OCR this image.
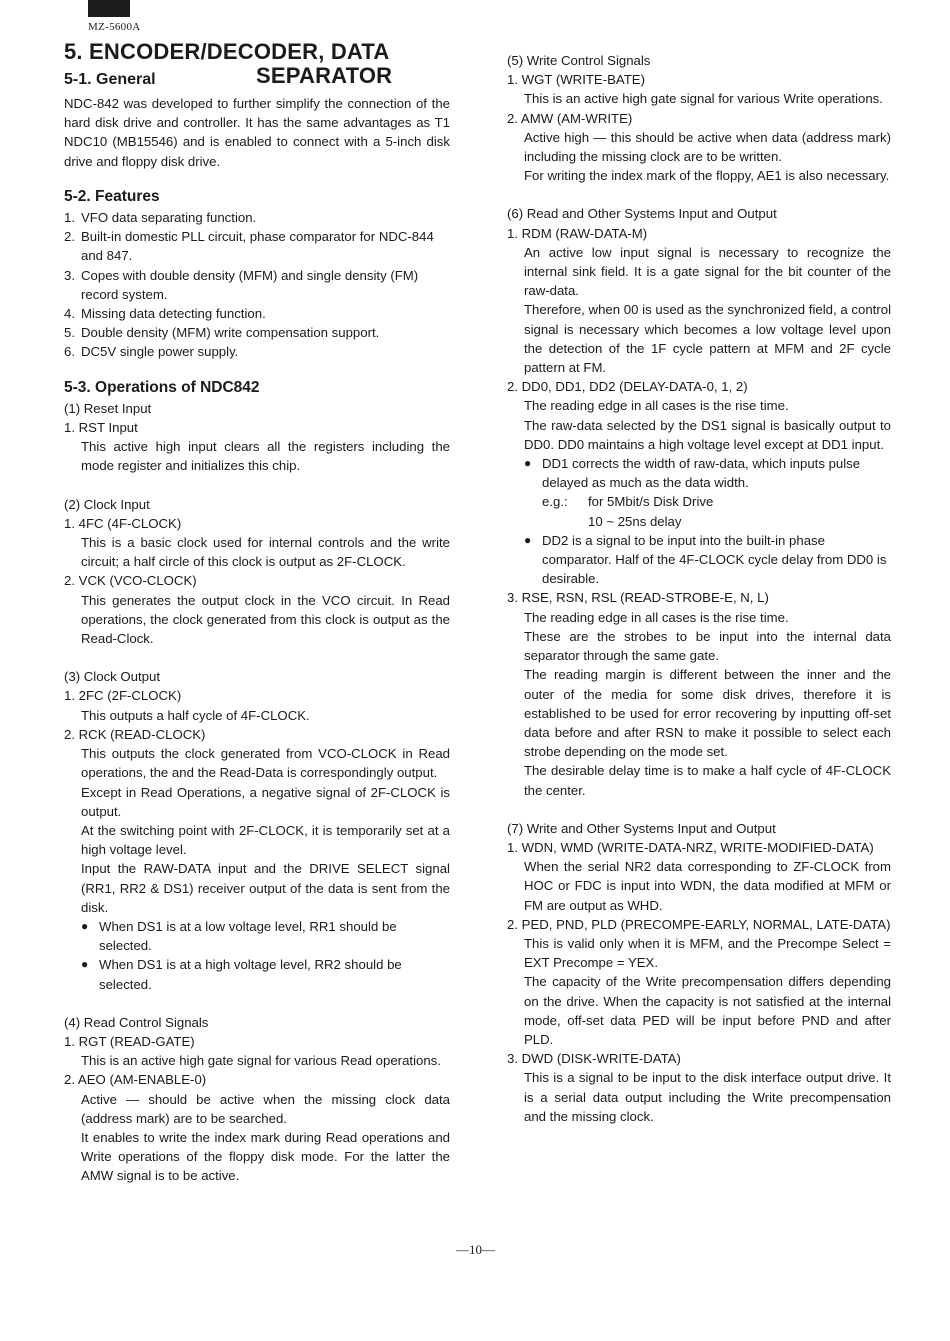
MZ-5600A
5. ENCODER/DECODER, DATA
SEPARATOR
5-1. General

NDC-842 was developed to further simplify the connection of the hard disk drive and controller. It has the same advantages as T1 NDC10 (MB15546) and is enabled to connect with a 5-inch disk drive and floppy disk drive.

5-2. Features
1. VFO data separating function.
2. Built-in domestic PLL circuit, phase comparator for NDC-844 and 847.
3. Copes with double density (MFM) and single density (FM) record system.
4. Missing data detecting function.
5. Double density (MFM) write compensation support.
6. DC5V single power supply.
5-3. Operations of NDC842
(1) Reset Input
1. RST Input

This active high input clears all the registers including the mode register and initializes this chip.

(2) Clock Input
1. 4FC (4F-CLOCK)

This is a basic clock used for internal controls and the write circuit; a half circle of this clock is output as 2F-CLOCK.

2. VCK (VCO-CLOCK)

This generates the output clock in the VCO circuit. In Read operations, the clock generated from this clock is output as the Read-Clock.

(3) Clock Output
1. 2FC (2F-CLOCK)

This outputs a half cycle of 4F-CLOCK.

2. RCK (READ-CLOCK)

This outputs the clock generated from VCO-CLOCK in Read operations, the and the Read-Data is correspondingly output.

Except in Read Operations, a negative signal of 2F-CLOCK is output.

At the switching point with 2F-CLOCK, it is temporarily set at a high voltage level.

Input the RAW-DATA input and the DRIVE SELECT signal (RR1, RR2 & DS1) receiver output of the data is sent from the disk.

● When DS1 is at a low voltage level, RR1 should be selected.
● When DS1 is at a high voltage level, RR2 should be selected.
(4) Read Control Signals
1. RGT (READ-GATE)

This is an active high gate signal for various Read operations.

2. AEO (AM-ENABLE-0)

Active — should be active when the missing clock data (address mark) are to be searched.

It enables to write the index mark during Read operations and Write operations of the floppy disk mode. For the latter the AMW signal is to be active.

(5) Write Control Signals
1. WGT (WRITE-BATE)

This is an active high gate signal for various Write operations.

2. AMW (AM-WRITE)

Active high — this should be active when data (address mark) including the missing clock are to be written.

For writing the index mark of the floppy, AE1 is also necessary.

(6) Read and Other Systems Input and Output
1. RDM (RAW-DATA-M)

An active low input signal is necessary to recognize the internal sink field. It is a gate signal for the bit counter of the raw-data.

Therefore, when 00 is used as the synchronized field, a control signal is necessary which becomes a low voltage level upon the detection of the 1F cycle pattern at MFM and 2F cycle pattern at FM.

2. DD0, DD1, DD2 (DELAY-DATA-0, 1, 2)

The reading edge in all cases is the rise time.

The raw-data selected by the DS1 signal is basically output to DD0. DD0 maintains a high voltage level except at DD1 input.

● DD1 corrects the width of raw-data, which inputs pulse delayed as much as the data width.
e.g.:	for 5Mbit/s Disk Drive
10 ~ 25ns delay
● DD2 is a signal to be input into the built-in phase comparator. Half of the 4F-CLOCK cycle delay from DD0 is desirable.
3. RSE, RSN, RSL (READ-STROBE-E, N, L)

The reading edge in all cases is the rise time.

These are the strobes to be input into the internal data separator through the same gate.

The reading margin is different between the inner and the outer of the media for some disk drives, therefore it is established to be used for error recovering by inputting off-set data before and after RSN to make it possible to select each strobe depending on the mode set.

The desirable delay time is to make a half cycle of 4F-CLOCK the center.

(7) Write and Other Systems Input and Output
1. WDN, WMD (WRITE-DATA-NRZ, WRITE-MODIFIED-DATA)

When the serial NR2 data corresponding to ZF-CLOCK from HOC or FDC is input into WDN, the data modified at MFM or FM are output as WHD.

2. PED, PND, PLD (PRECOMPE-EARLY, NORMAL, LATE-DATA)

This is valid only when it is MFM, and the Precompe Select = EXT Precompe = YEX.

The capacity of the Write precompensation differs depending on the drive. When the capacity is not satisfied at the internal mode, off-set data PED will be input before PND and after PLD.

3. DWD (DISK-WRITE-DATA)

This is a signal to be input to the disk interface output drive. It is a serial data output including the Write precompensation and the missing clock.

—10—
